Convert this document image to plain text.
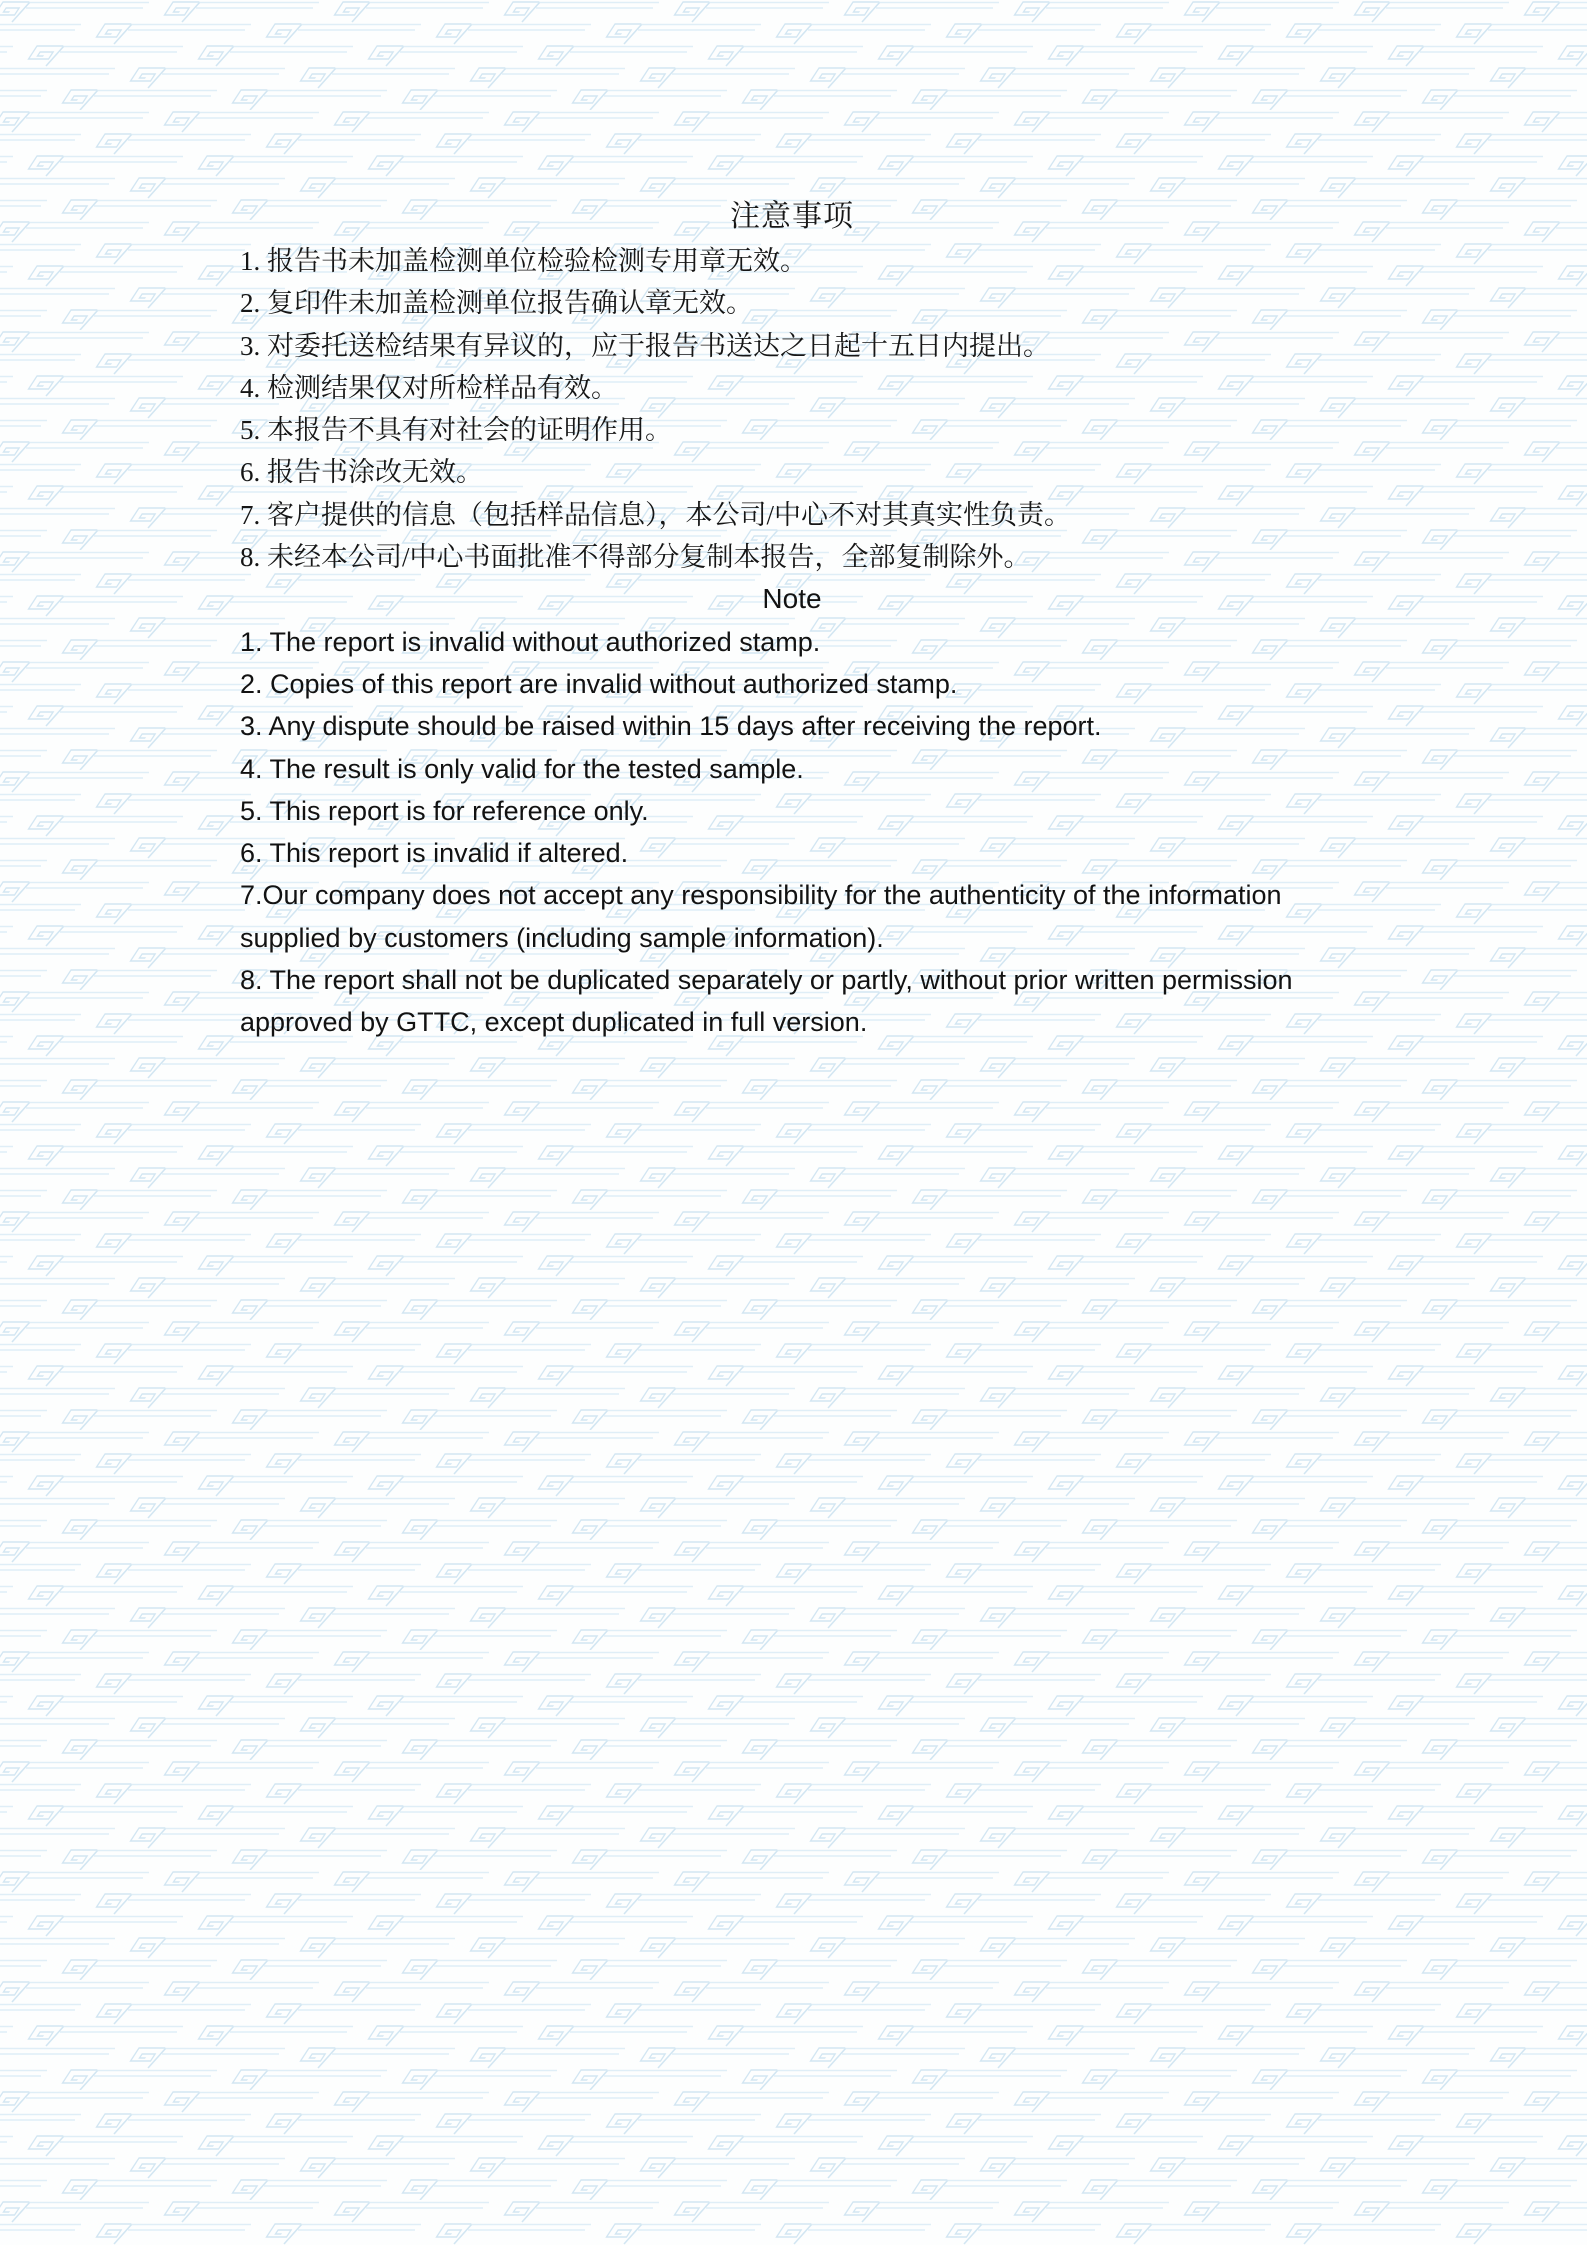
注意事项
1. 报告书未加盖检测单位检验检测专用章无效。
2. 复印件未加盖检测单位报告确认章无效。
3. 对委托送检结果有异议的，应于报告书送达之日起十五日内提出。
4. 检测结果仅对所检样品有效。
5. 本报告不具有对社会的证明作用。
6. 报告书涂改无效。
7. 客户提供的信息（包括样品信息），本公司/中心不对其真实性负责。
8. 未经本公司/中心书面批准不得部分复制本报告，全部复制除外。
Note
1. The report is invalid without authorized stamp.
2. Copies of this report are invalid without authorized stamp.
3. Any dispute should be raised within 15 days after receiving the report.
4. The result is only valid for the tested sample.
5. This report is for reference only.
6. This report is invalid if altered.
7.Our company does not accept any responsibility for the authenticity of the information
supplied by customers (including sample information).
8. The report shall not be duplicated separately or partly, without prior written permission
approved by GTTC, except duplicated in full version.
